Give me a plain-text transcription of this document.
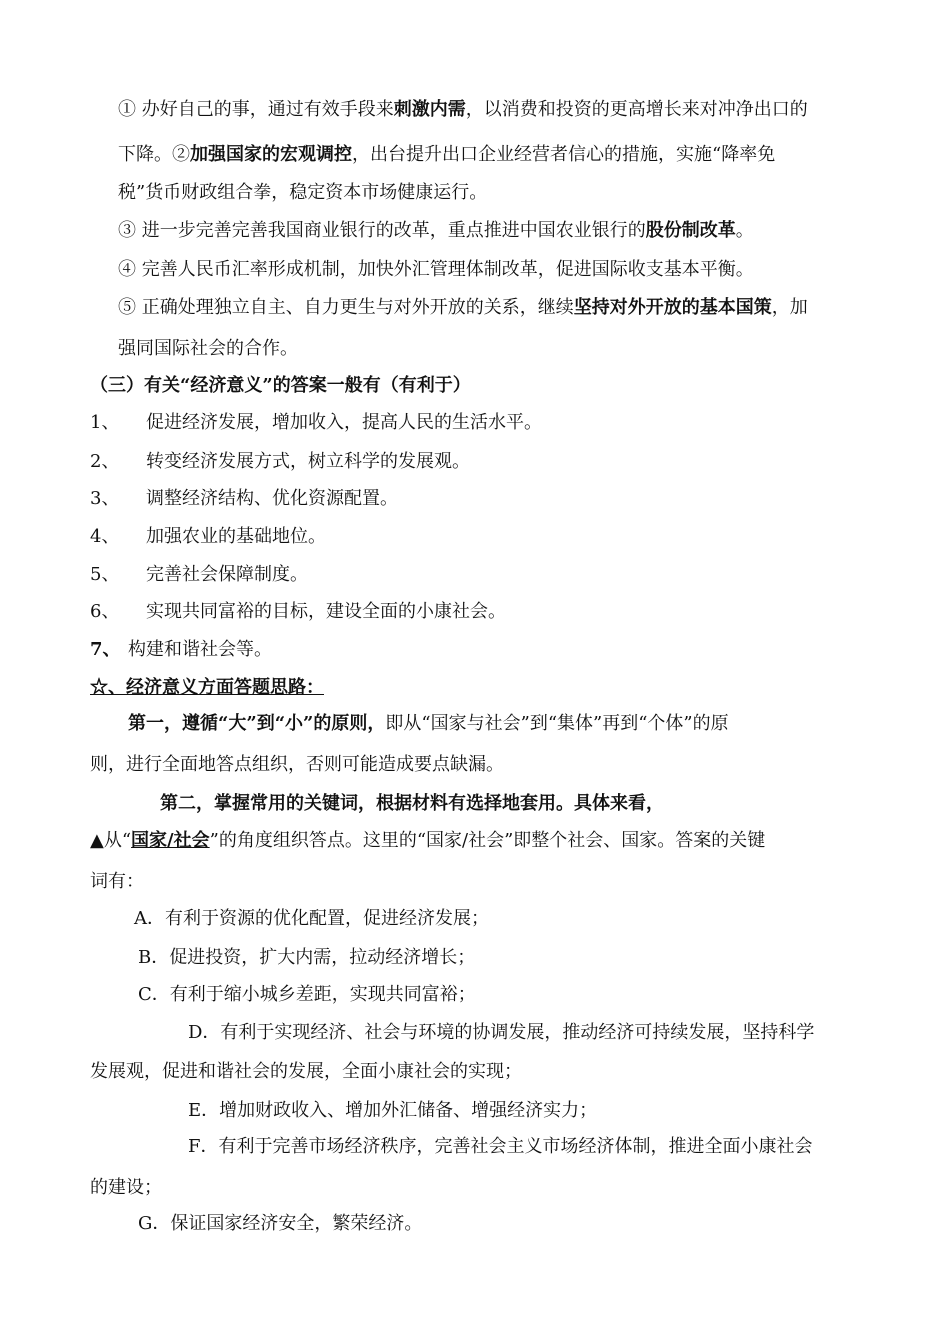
① 办好自己的事，通过有效手段来刺激内需，以消费和投资的更高增长来对冲净出口的
下降。②加强国家的宏观调控，出台提升出口企业经营者信心的措施，实施“降率免
税”货币财政组合拳，稳定资本市场健康运行。
③ 进一步完善完善我国商业银行的改革，重点推进中国农业银行的股份制改革。
④ 完善人民币汇率形成机制，加快外汇管理体制改革，促进国际收支基本平衡。
⑤ 正确处理独立自主、自力更生与对外开放的关系，继续坚持对外开放的基本国策，加
强同国际社会的合作。
（三）有关“经济意义”的答案一般有（有利于）
1、 促进经济发展，增加收入，提高人民的生活水平。
2、 转变经济发展方式，树立科学的发展观。
3、 调整经济结构、优化资源配置。
4、 加强农业的基础地位。
5、 完善社会保障制度。
6、 实现共同富裕的目标，建设全面的小康社会。
7、 构建和谐社会等。
☆、经济意义方面答题思路：
第一，遵循“大”到“小”的原则，即从“国家与社会”到“集体”再到“个体”的原
则，进行全面地答点组织，否则可能造成要点缺漏。
第二，掌握常用的关键词，根据材料有选择地套用。具体来看，
▲从“国家/社会”的角度组织答点。这里的“国家/社会”即整个社会、国家。答案的关键
词有：
A．有利于资源的优化配置，促进经济发展；
B．促进投资，扩大内需，拉动经济增长；
C．有利于缩小城乡差距，实现共同富裕；
D．有利于实现经济、社会与环境的协调发展，推动经济可持续发展，坚持科学
发展观，促进和谐社会的发展，全面小康社会的实现；
E．增加财政收入、增加外汇储备、增强经济实力；
F．有利于完善市场经济秩序，完善社会主义市场经济体制，推进全面小康社会
的建设；
G．保证国家经济安全，繁荣经济。
